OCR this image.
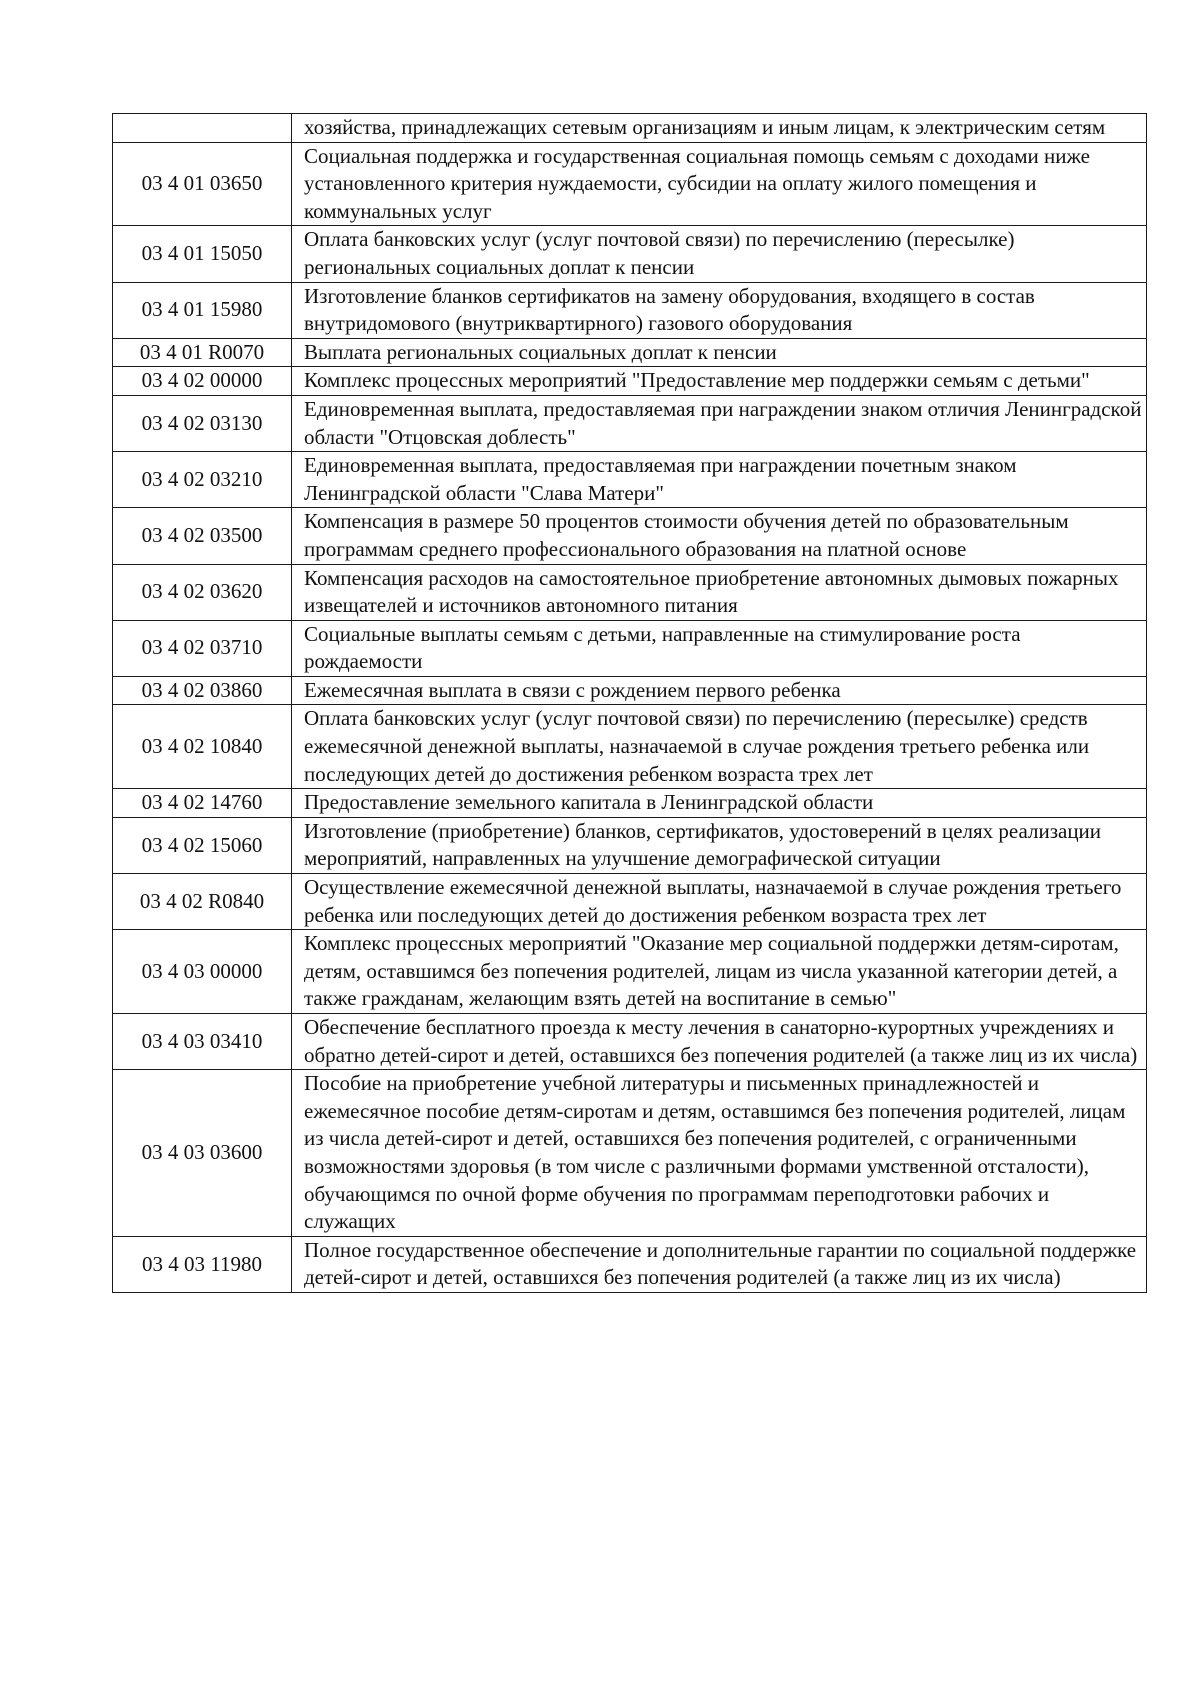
	хозяйства, принадлежащих сетевым организациям и иным лицам, к электрическим сетям
03 4 01 03650	Социальная поддержка и государственная социальная помощь семьям с доходами ниже установленного критерия нуждаемости, субсидии на оплату жилого помещения и коммунальных услуг
03 4 01 15050	Оплата банковских услуг (услуг почтовой связи) по перечислению (пересылке) региональных социальных доплат к пенсии
03 4 01 15980	Изготовление бланков сертификатов на замену оборудования, входящего в состав внутридомового (внутриквартирного) газового оборудования
03 4 01 R0070	Выплата региональных социальных доплат к пенсии
03 4 02 00000	Комплекс процессных мероприятий "Предоставление мер поддержки семьям с детьми"
03 4 02 03130	Единовременная выплата, предоставляемая при награждении знаком отличия Ленинградской области "Отцовская доблесть"
03 4 02 03210	Единовременная выплата, предоставляемая при награждении почетным знаком Ленинградской области "Слава Матери"
03 4 02 03500	Компенсация в размере 50 процентов стоимости обучения детей по образовательным программам среднего профессионального образования на платной основе
03 4 02 03620	Компенсация расходов на самостоятельное приобретение автономных дымовых пожарных извещателей и источников автономного питания
03 4 02 03710	Социальные выплаты семьям с детьми, направленные на стимулирование роста рождаемости
03 4 02 03860	Ежемесячная выплата в связи с рождением первого ребенка
03 4 02 10840	Оплата банковских услуг (услуг почтовой связи) по перечислению (пересылке) средств ежемесячной денежной выплаты, назначаемой в случае рождения третьего ребенка или последующих детей до достижения ребенком возраста трех лет
03 4 02 14760	Предоставление земельного капитала в Ленинградской области
03 4 02 15060	Изготовление (приобретение) бланков, сертификатов, удостоверений в целях реализации мероприятий, направленных на улучшение демографической ситуации
03 4 02 R0840	Осуществление ежемесячной денежной выплаты, назначаемой в случае рождения третьего ребенка или последующих детей до достижения ребенком возраста трех лет
03 4 03 00000	Комплекс процессных мероприятий "Оказание мер социальной поддержки детям-сиротам, детям, оставшимся без попечения родителей, лицам из числа указанной категории детей, а также гражданам, желающим взять детей на воспитание в семью"
03 4 03 03410	Обеспечение бесплатного проезда к месту лечения в санаторно-курортных учреждениях и обратно детей-сирот и детей, оставшихся без попечения родителей (а также лиц из их числа)
03 4 03 03600	Пособие на приобретение учебной литературы и письменных принадлежностей и ежемесячное пособие детям-сиротам и детям, оставшимся без попечения родителей, лицам из числа детей-сирот и детей, оставшихся без попечения родителей, с ограниченными возможностями здоровья (в том числе с различными формами умственной отсталости), обучающимся по очной форме обучения по программам переподготовки рабочих и служащих
03 4 03 11980	Полное государственное обеспечение и дополнительные гарантии по социальной поддержке детей-сирот и детей, оставшихся без попечения родителей (а также лиц из их числа)
